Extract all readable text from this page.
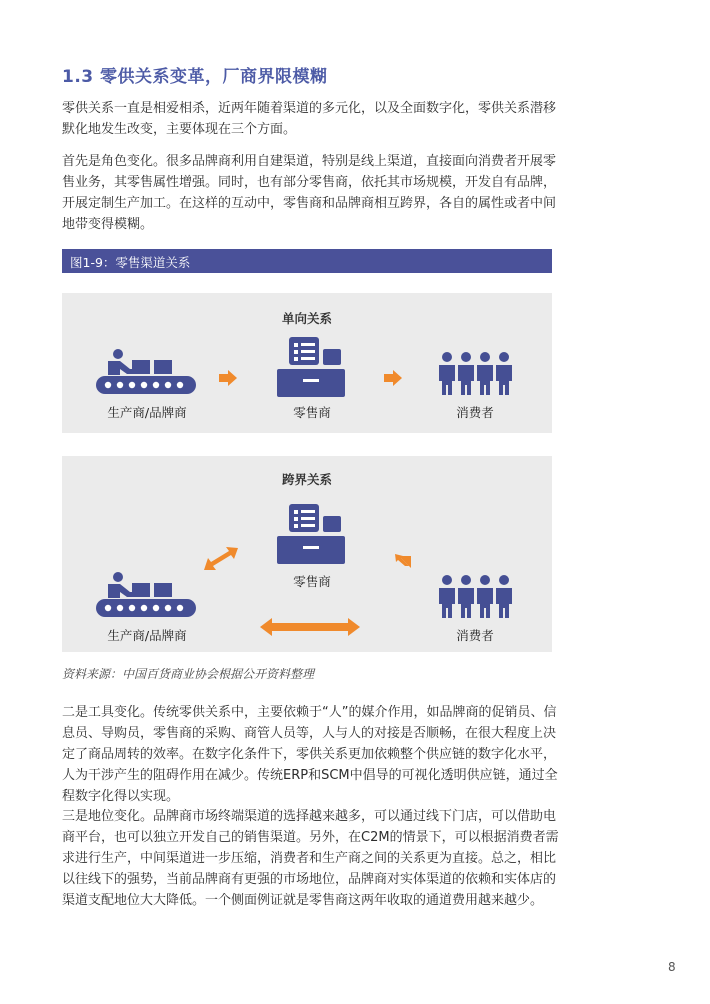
1.3 零供关系变革，厂商界限模糊
零供关系一直是相爱相杀，近两年随着渠道的多元化，以及全面数字化，零供关系潜移默化地发生改变，主要体现在三个方面。
首先是角色变化。很多品牌商利用自建渠道，特别是线上渠道，直接面向消费者开展零售业务，其零售属性增强。同时，也有部分零售商，依托其市场规模，开发自有品牌，开展定制生产加工。在这样的互动中，零售商和品牌商相互跨界，各自的属性或者中间地带变得模糊。
图1-9：零售渠道关系
单向关系
生产商/品牌商	零售商	消费者
跨界关系
零售商
生产商/品牌商	消费者
资料来源：中国百货商业协会根据公开资料整理
二是工具变化。传统零供关系中，主要依赖于“人”的媒介作用，如品牌商的促销员、信息员、导购员，零售商的采购、商管人员等，人与人的对接是否顺畅，在很大程度上决定了商品周转的效率。在数字化条件下，零供关系更加依赖整个供应链的数字化水平，人为干涉产生的阻碍作用在减少。传统ERP和SCM中倡导的可视化透明供应链，通过全程数字化得以实现。
三是地位变化。品牌商市场终端渠道的选择越来越多，可以通过线下门店，可以借助电商平台，也可以独立开发自己的销售渠道。另外，在C2M的情景下，可以根据消费者需求进行生产，中间渠道进一步压缩，消费者和生产商之间的关系更为直接。总之，相比以往线下的强势，当前品牌商有更强的市场地位，品牌商对实体渠道的依赖和实体店的渠道支配地位大大降低。一个侧面例证就是零售商这两年收取的通道费用越来越少。
8
